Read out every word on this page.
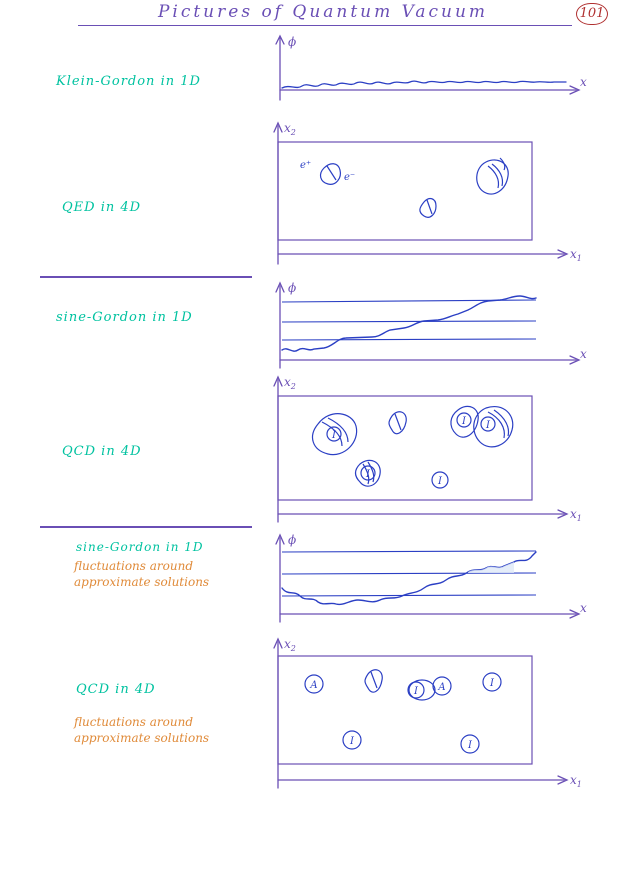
Pictures of Quantum Vacuum	101
Klein-Gordon in 1D
ϕ
x
QED in 4D
$x_2$
$x_1$
e⁺
e⁻
sine-Gordon in 1D
ϕ
x
QCD in 4D
$x_2$
$x_1$
I
I I
I
I
sine-Gordon in 1D
fluctuations around
approximate solutions
ϕ
x
QCD in 4D
fluctuations around
approximate solutions
$x_2$
$x_1$
A
I A	I
I	I
